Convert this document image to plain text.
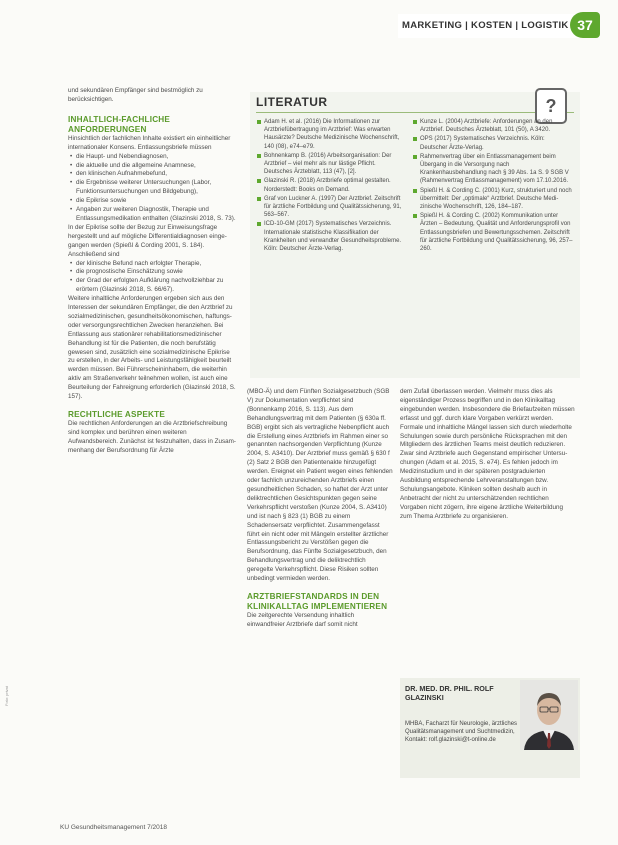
MARKETING | KOSTEN | LOGISTIK 37

und sekundären Empfänger sind bestmöglich zu berücksichtigen.

INHALTLICH-FACHLICHE ANFORDERUNGEN

Hinsichtlich der fachlichen Inhalte existiert ein einheitlicher internationaler Konsens. Entlassungsbriefe müssen

• die Haupt- und Nebendiagnosen,
• die aktuelle und die allgemeine Anamnese,
• den klinischen Aufnahmebefund,
• die Ergebnisse weiterer Untersuchungen (Labor, Funktionsuntersuchungen und Bildgebung),
• die Epikrise sowie
• Angaben zur weiteren Diagnostik, Therapie und Entlassungsmedikation enthalten (Glazinski 2018, S. 73).

In der Epikrise sollte der Bezug zur Einweisungsfrage hergestellt und auf mögliche Differentialdiagnosen eingegangen werden (Spießl & Cording 2001, S. 184). Anschließend sind

• der klinische Befund nach erfolgter Therapie,
• die prognostische Einschätzung sowie
• der Grad der erfolgten Aufklärung nachvollziehbar zu erörtern (Glazinski 2018, S. 66/67).

Weitere inhaltliche Anforderungen ergeben sich aus den Interessen der sekundären Empfänger, die den Arztbrief zu sozialmedizinischen, gesundheitsökonomischen, haftungs- oder versorgungsrechtlichen Zwecken heranziehen. Bei Entlassung aus stationärer rehabilitationsmedizinischer Behandlung ist für die Patienten, die noch berufstätig gewesen sind, zusätzlich eine sozialmedizinische Epikrise zu erstellen, in der Arbeits- und Leistungsfähigkeit beurteilt werden müssen. Bei Führerscheininhabern, die weiterhin aktiv am Straßenverkehr teilnehmen wollen, ist auch eine Beurteilung der Fahreignung erforderlich (Glazinski 2018, S. 157).

RECHTLICHE ASPEKTE

Die rechtlichen Anforderungen an die Arztbriefschreibung sind komplex und berühren einen weiteren Aufwandsbereich. Zunächst ist festzuhalten, dass in Zusammenhang der Berufsordnung für Ärzte

LITERATUR	?
Adam H. et al. (2016) Die Informationen zur Arztbriefübertragung im Arztbrief: Was erwarten Hausärzte? Deutsche Medizinische Wochenschrift, 140 (08), e74–e79.
Bohnenkamp B. (2016) Arbeitsorganisation: Der Arztbrief – viel mehr als nur lästige Pflicht. Deutsches Ärzteblatt, 113 (47), [2].
Glazinski R. (2018) Arztbriefe optimal gestalten. Norderstedt: Books on Demand.
Graf von Luckner A. (1997) Der Arztbrief. Zeitschrift für ärztliche Fortbildung und Qualitätssicherung, 91, 563–567.
ICD-10-GM (2017) Systematisches Verzeichnis. Internationale statistische Klassifikation der Krankheiten und verwandter Gesundheitsprobleme. Köln: Deutscher Ärzte-Verlag.
Kunze L. (2004) Arztbriefe: Anforderungen an den Arztbrief. Deutsches Ärzteblatt, 101 (50), A 3420.
OPS (2017) Systematisches Verzeichnis. Köln: Deutscher Ärzte-Verlag.
Rahmenvertrag über ein Entlassmanagement beim Übergang in die Versorgung nach Krankenhausbehandlung nach § 39 Abs. 1a S. 9 SGB V (Rahmenvertrag Entlassmanagement) vom 17.10.2016.
Spießl H. & Cording C. (2001) Kurz, strukturiert und noch übermittelt: Der „optimale“ Arztbrief. Deutsche Medizinische Wochenschrift, 126, 184–187.
Spießl H. & Cording C. (2002) Kommunikation unter Ärzten – Bedeutung, Qualität und Anforderungsprofil von Entlassungsbriefen und Bewertungsschemen. Zeitschrift für ärztliche Fortbildung und Qualitätssicherung, 96, 257–260.

(MBO-Ä) und dem Fünften Sozialgesetzbuch (SGB V) zur Dokumentation verpflichtet sind (Bonnenkamp 2016, S. 113). Aus dem Behandlungsvertrag mit dem Patienten (§ 630a ff. BGB) ergibt sich als vertragliche Nebenpflicht auch die Erstellung eines Arztbriefs im Rahmen einer so genannten nachsorgenden Verpflichtung (Kunze 2004, S. A3410). Der Arztbrief muss gemäß § 630 f (2) Satz 2 BGB den Patientenakte hinzugefügt werden. Ereignet ein Patient wegen eines fehlenden oder fachlich unzureichenden Arztbriefs einen gesundheitlichen Schaden, so haftet der Arzt unter deliktrechtlichen Gesichtspunkten gegen seine Verkehrspflicht verstoßen (Kunze 2004, S. A3410) und ist nach § 823 (1) BGB zu einem Schadensersatz verpflichtet. Zusammengefasst führt ein nicht oder mit Mängeln erstellter ärztlicher Entlassungsbericht zu Verstößen gegen die Berufsordnung, das Fünfte Sozialgesetzbuch, den Behandlungsvertrag und die deliktrechtlich geregelte Verkehrspflicht. Diese Risiken sollten unbedingt vermieden werden.

ARZTBRIEFSTANDARDS IN DEN KLINIKALLTAG IMPLEMENTIEREN

Die zeitgerechte Versendung inhaltlich einwandfreier Arztbriefe darf somit nicht

dem Zufall überlassen werden. Vielmehr muss dies als eigenständiger Prozess begriffen und in den Klinikalltag eingebunden werden. Insbesondere die Briefaufzeiten müssen erfasst und ggf. durch klare Vorgaben verkürzt werden. Formale und inhaltliche Mängel lassen sich durch wiederholte Schulungen sowie durch persönliche Rücksprachen mit den Mitgliedern des ärztlichen Teams meist deutlich reduzieren. Zwar sind Arztbriefe auch Gegenstand empirischer Untersuchungen (Adam et al. 2015, S. e74). Es fehlen jedoch im Medizinstudium und in der späteren postgraduierten Ausbildung entsprechende Lehrveranstaltungen bzw. Schulungsangebote. Kliniken sollten deshalb auch in Anbetracht der nicht zu unterschätzenden rechtlichen Vorgaben nicht zögern, ihre eigene ärztliche Weiterbildung zum Thema Arztbriefe zu organisieren.

DR. MED. DR. PHIL. ROLF GLAZINSKI
MHBA, Facharzt für Neurologie, ärztliches Qualitätsmanagement und Suchtmedizin, Kontakt: rolf.glazinski@t-online.de
KU Gesundheitsmanagement 7/2018
Foto: privat
